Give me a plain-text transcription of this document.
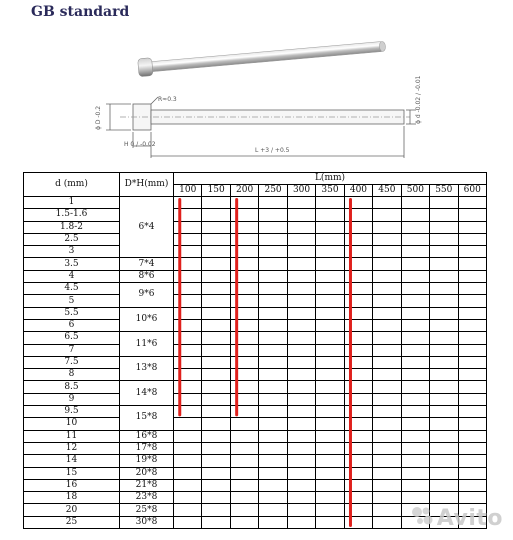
GB standard
R≈0.3
ϕ D -0.2	ϕ d -0.02 / -0.01
H 0 / -0.02
L +3 / +0.5
d (mm)	D*H(mm)	L(mm)										
		100	150	200	250	300	350	400	450	500	550	600
1	6*4											
1.5-1.6												
1.8-2												
2.5												
3												
3.5	7*4											
4	8*6											
4.5	9*6											
5												
5.5	10*6											
6												
6.5	11*6											
7												
7.5	13*8											
8												
8.5	14*8											
9												
9.5	15*8											
10												
11	16*8											
12	17*8											
14	19*8											
15	20*8											
16	21*8											
18	23*8											
20	25*8											
25	30*8												Avito
